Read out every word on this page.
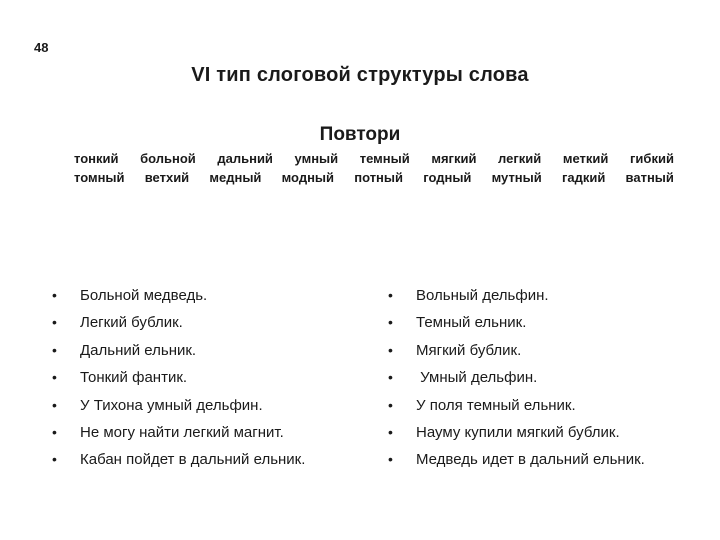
48
VI тип слоговой структуры слова
Повтори
тонкий больной дальний умный темный мягкий легкий меткий гибкий
томный ветхий медный модный потный годный мутный гадкий ватный
•	Больной медведь.
•	Легкий бублик.
•	Дальний ельник.
•	Тонкий фантик.
•	У Тихона умный дельфин.
•	Не могу найти легкий магнит.
•	Кабан пойдет в дальний ельник.
•	Вольный дельфин.
•	Темный ельник.
•	Мягкий бублик.
•	Умный дельфин.
•	У поля темный ельник.
•	Науму купили мягкий бублик.
•	Медведь идет в дальний ельник.
